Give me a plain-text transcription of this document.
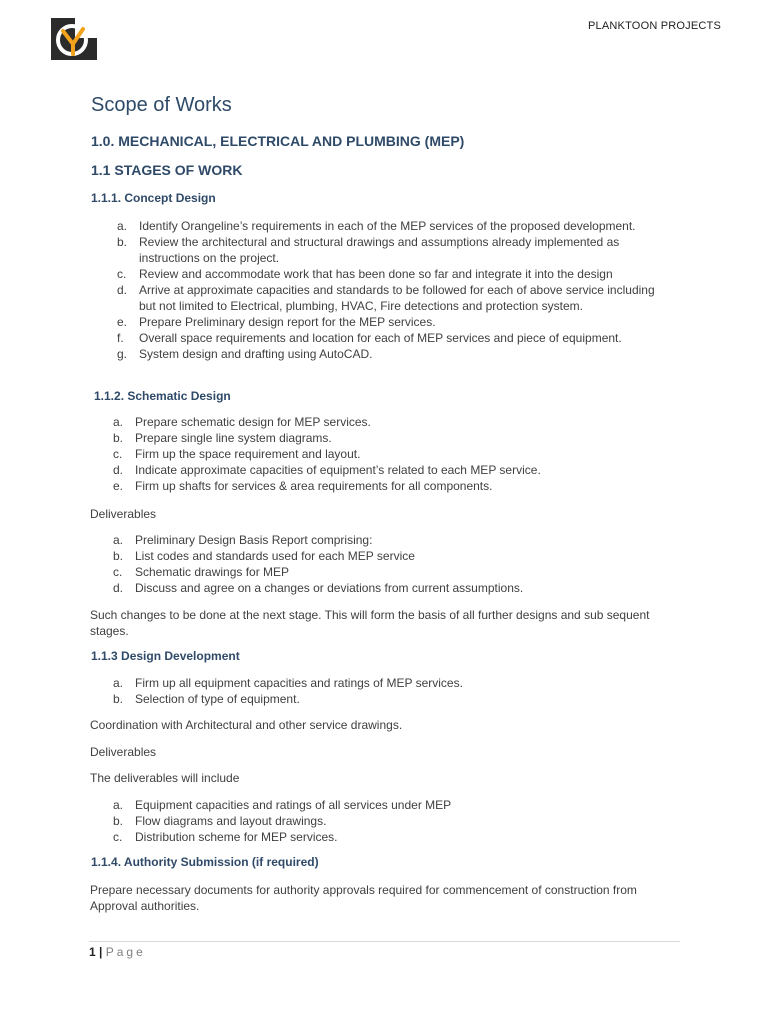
PLANKTOON PROJECTS
Scope of Works
1.0. MECHANICAL, ELECTRICAL AND PLUMBING (MEP)
1.1 STAGES OF WORK
1.1.1. Concept Design
a. Identify Orangeline’s requirements in each of the MEP services of the proposed development.
b. Review the architectural and structural drawings and assumptions already implemented as instructions on the project.
c. Review and accommodate work that has been done so far and integrate it into the design
d. Arrive at approximate capacities and standards to be followed for each of above service including but not limited to Electrical, plumbing, HVAC, Fire detections and protection system.
e. Prepare Preliminary design report for the MEP services.
f. Overall space requirements and location for each of MEP services and piece of equipment.
g. System design and drafting using AutoCAD.
1.1.2. Schematic Design
a. Prepare schematic design for MEP services.
b. Prepare single line system diagrams.
c. Firm up the space requirement and layout.
d. Indicate approximate capacities of equipment’s related to each MEP service.
e. Firm up shafts for services & area requirements for all components.

Deliverables

a. Preliminary Design Basis Report comprising:
b. List codes and standards used for each MEP service
c. Schematic drawings for MEP
d. Discuss and agree on a changes or deviations from current assumptions.

Such changes to be done at the next stage. This will form the basis of all further designs and sub sequent stages.

1.1.3 Design Development
a. Firm up all equipment capacities and ratings of MEP services.
b. Selection of type of equipment.

Coordination with Architectural and other service drawings.

Deliverables

The deliverables will include

a. Equipment capacities and ratings of all services under MEP
b. Flow diagrams and layout drawings.
c. Distribution scheme for MEP services.
1.1.4. Authority Submission (if required)

Prepare necessary documents for authority approvals required for commencement of construction from Approval authorities.

1 | Page
